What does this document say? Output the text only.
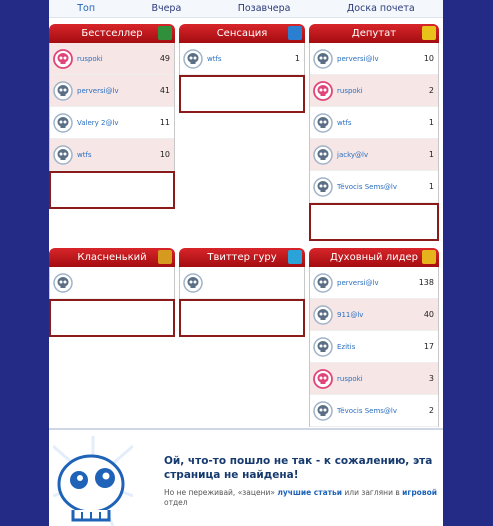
Топ	Вчера	Позавчера	Доска почета
Бестселлер
ruspoki	49
perversi@lv	41
Valery 2@lv	11
wtfs	10
Сенсация
wtfs	1
Депутат
perversi@lv	10
ruspoki	2
wtfs	1
jacky@lv	1
Tëvocis Sems@lv	1
Класненький	Твиттер гуру	Духовный лидер
perversi@lv	138
911@lv	40
Ezitis	17
ruspoki	3
Tëvocis Sems@lv	2
Ой, что-то пошло не так - к сожалению, эта страница не найдена!
Но не переживай, «зацени» лучшие статьи или загляни в игровой отдел
